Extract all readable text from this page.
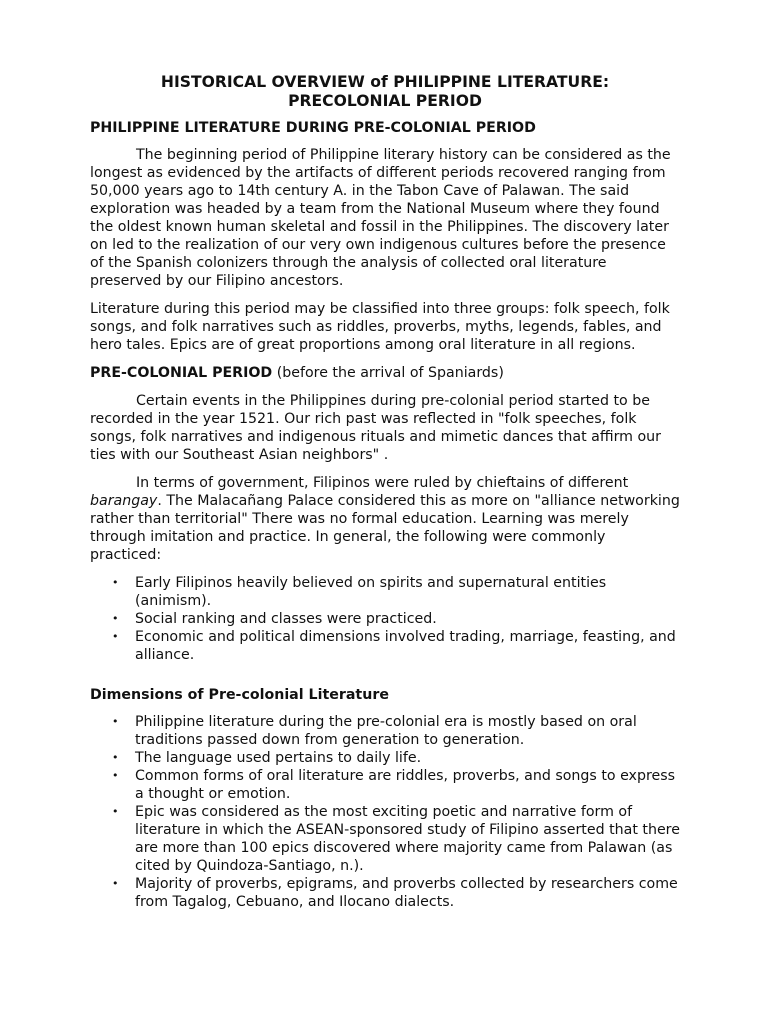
HISTORICAL OVERVIEW of PHILIPPINE LITERATURE:
PRECOLONIAL PERIOD
PHILIPPINE LITERATURE DURING PRE-COLONIAL PERIOD

The beginning period of Philippine literary history can be considered as the longest as evidenced by the artifacts of different periods recovered ranging from 50,000 years ago to 14th century A. in the Tabon Cave of Palawan. The said exploration was headed by a team from the National Museum where they found the oldest known human skeletal and fossil in the Philippines. The discovery later on led to the realization of our very own indigenous cultures before the presence of the Spanish colonizers through the analysis of collected oral literature preserved by our Filipino ancestors.

Literature during this period may be classified into three groups: folk speech, folk songs, and folk narratives such as riddles, proverbs, myths, legends, fables, and hero tales. Epics are of great proportions among oral literature in all regions.

PRE-COLONIAL PERIOD (before the arrival of Spaniards)

Certain events in the Philippines during pre-colonial period started to be recorded in the year 1521. Our rich past was reflected in "folk speeches, folk songs, folk narratives and indigenous rituals and mimetic dances that affirm our ties with our Southeast Asian neighbors" .

In terms of government, Filipinos were ruled by chieftains of different barangay. The Malacañang Palace considered this as more on "alliance networking rather than territorial" There was no formal education. Learning was merely through imitation and practice. In general, the following were commonly practiced:

• Early Filipinos heavily believed on spirits and supernatural entities (animism).
• Social ranking and classes were practiced.
• Economic and political dimensions involved trading, marriage, feasting, and alliance.
Dimensions of Pre-colonial Literature
• Philippine literature during the pre-colonial era is mostly based on oral traditions passed down from generation to generation.
• The language used pertains to daily life.
• Common forms of oral literature are riddles, proverbs, and songs to express a thought or emotion.
• Epic was considered as the most exciting poetic and narrative form of literature in which the ASEAN-sponsored study of Filipino asserted that there are more than 100 epics discovered where majority came from Palawan (as cited by Quindoza-Santiago, n.).
• Majority of proverbs, epigrams, and proverbs collected by researchers come from Tagalog, Cebuano, and Ilocano dialects.
